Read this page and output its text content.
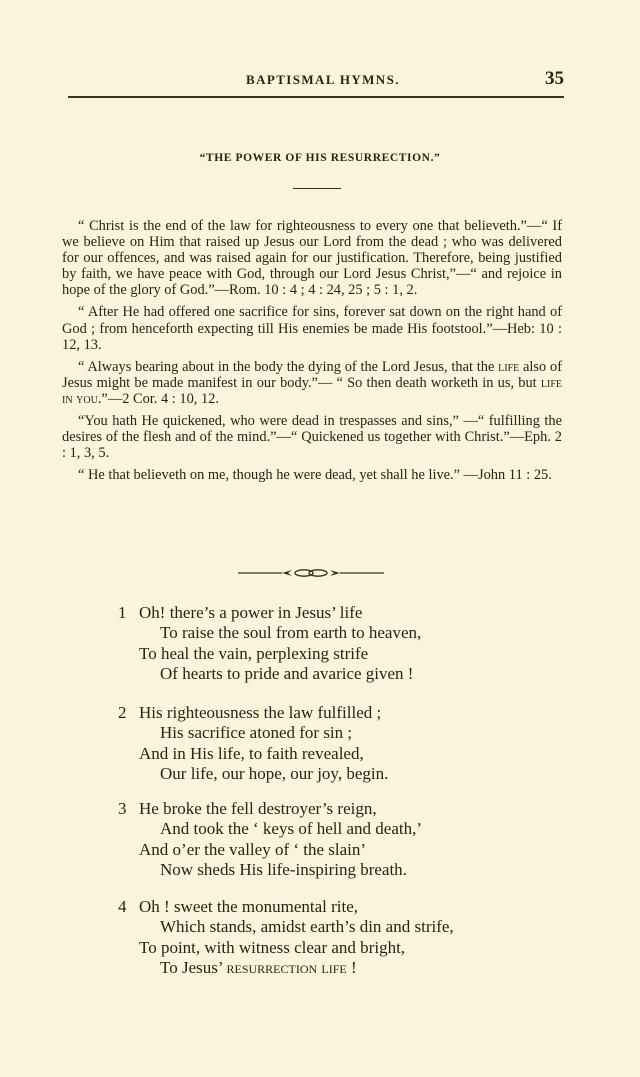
BAPTISMAL HYMNS.	35
“THE POWER OF HIS RESURRECTION.”

“ Christ is the end of the law for righteousness to every one that believeth.”—“ If we believe on Him that raised up Jesus our Lord from the dead ; who was delivered for our offences, and was raised again for our justification. Therefore, being justified by faith, we have peace with God, through our Lord Jesus Christ,”—“ and rejoice in hope of the glory of God.”—Rom. 10 : 4 ; 4 : 24, 25 ; 5 : 1, 2.

“ After He had offered one sacrifice for sins, forever sat down on the right hand of God ; from henceforth expecting till His enemies be made His footstool.”—Heb: 10 : 12, 13.

“ Always bearing about in the body the dying of the Lord Jesus, that the life also of Jesus might be made manifest in our body.”— “ So then death worketh in us, but life in you.”—2 Cor. 4 : 10, 12.

“You hath He quickened, who were dead in trespasses and sins,” —“ fulfilling the desires of the flesh and of the mind.”—“ Quickened us together with Christ.”—Eph. 2 : 1, 3, 5.

“ He that believeth on me, though he were dead, yet shall he live.” —John 11 : 25.

1 Oh! there’s a power in Jesus’ life
To raise the soul from earth to heaven,
To heal the vain, perplexing strife
Of hearts to pride and avarice given !
2 His righteousness the law fulfilled ;
His sacrifice atoned for sin ;
And in His life, to faith revealed,
Our life, our hope, our joy, begin.
3 He broke the fell destroyer’s reign,
And took the ‘ keys of hell and death,’
And o’er the valley of ‘ the slain’
Now sheds His life-inspiring breath.
4 Oh ! sweet the monumental rite,
Which stands, amidst earth’s din and strife,
To point, with witness clear and bright,
To Jesus’ resurrection life !
